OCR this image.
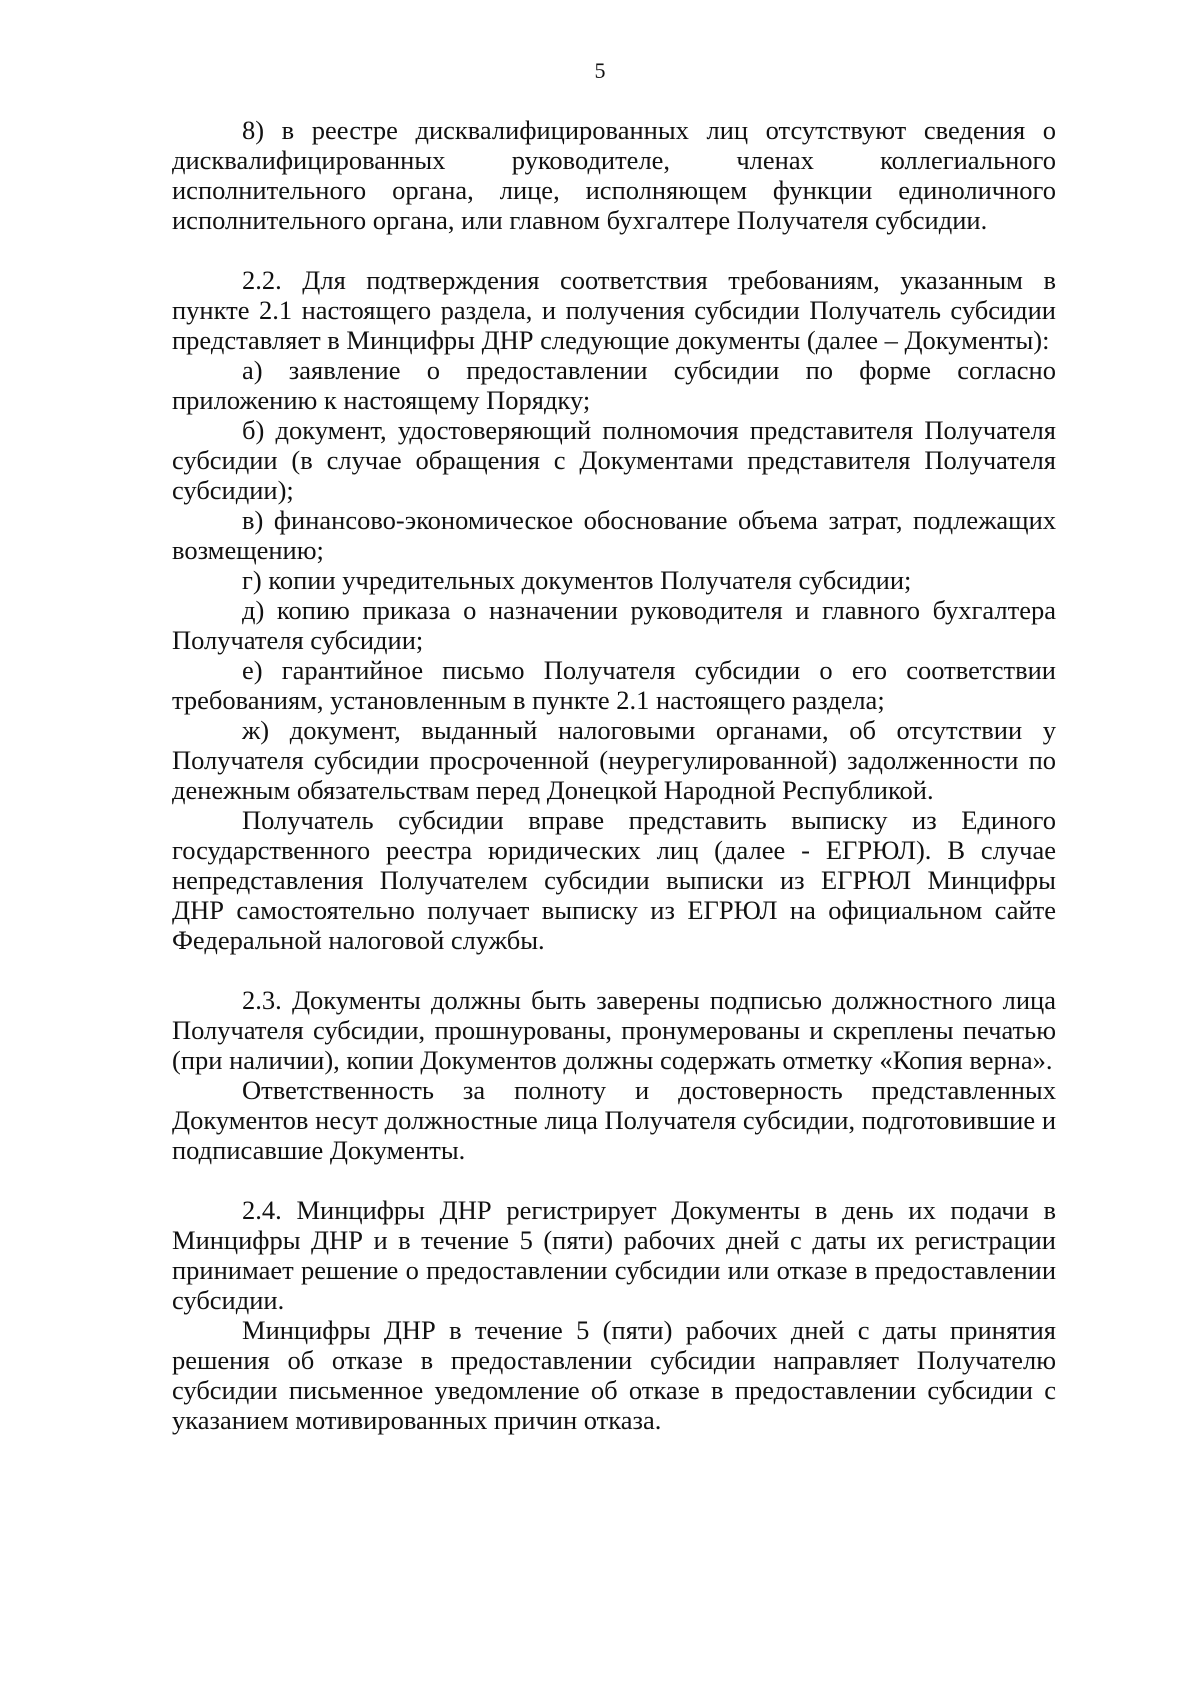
5

8) в реестре дисквалифицированных лиц отсутствуют сведения о дисквалифицированных руководителе, членах коллегиального исполнительного органа, лице, исполняющем функции единоличного исполнительного органа, или главном бухгалтере Получателя субсидии.

2.2. Для подтверждения соответствия требованиям, указанным в пункте 2.1 настоящего раздела, и получения субсидии Получатель субсидии представляет в Минцифры ДНР следующие документы (далее – Документы):

а) заявление о предоставлении субсидии по форме согласно приложению к настоящему Порядку;

б) документ, удостоверяющий полномочия представителя Получателя субсидии (в случае обращения с Документами представителя Получателя субсидии);

в) финансово-экономическое обоснование объема затрат, подлежащих возмещению;

г) копии учредительных документов Получателя субсидии;

д) копию приказа о назначении руководителя и главного бухгалтера Получателя субсидии;

е) гарантийное письмо Получателя субсидии о его соответствии требованиям, установленным в пункте 2.1 настоящего раздела;

ж) документ, выданный налоговыми органами, об отсутствии у Получателя субсидии просроченной (неурегулированной) задолженности по денежным обязательствам перед Донецкой Народной Республикой.

Получатель субсидии вправе представить выписку из Единого государственного реестра юридических лиц (далее - ЕГРЮЛ). В случае непредставления Получателем субсидии выписки из ЕГРЮЛ Минцифры ДНР самостоятельно получает выписку из ЕГРЮЛ на официальном сайте Федеральной налоговой службы.

2.3. Документы должны быть заверены подписью должностного лица Получателя субсидии, прошнурованы, пронумерованы и скреплены печатью (при наличии), копии Документов должны содержать отметку «Копия верна».

Ответственность за полноту и достоверность представленных Документов несут должностные лица Получателя субсидии, подготовившие и подписавшие Документы.

2.4. Минцифры ДНР регистрирует Документы в день их подачи в Минцифры ДНР и в течение 5 (пяти) рабочих дней с даты их регистрации принимает решение о предоставлении субсидии или отказе в предоставлении субсидии.

Минцифры ДНР в течение 5 (пяти) рабочих дней с даты принятия решения об отказе в предоставлении субсидии направляет Получателю субсидии письменное уведомление об отказе в предоставлении субсидии с указанием мотивированных причин отказа.
